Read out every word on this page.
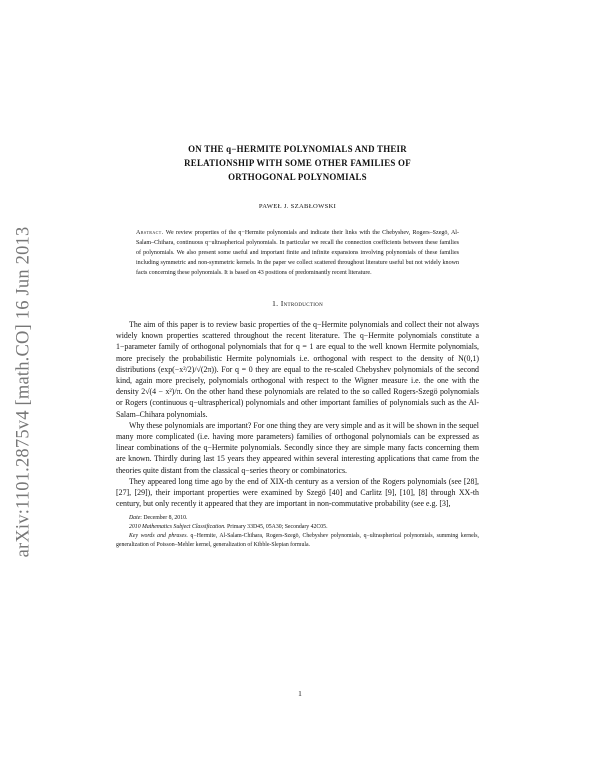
arXiv:1101.2875v4 [math.CO] 16 Jun 2013
ON THE q−HERMITE POLYNOMIALS AND THEIR
RELATIONSHIP WITH SOME OTHER FAMILIES OF
ORTHOGONAL POLYNOMIALS
PAWEŁ J. SZABŁOWSKI
Abstract. We review properties of the q−Hermite polynomials and indicate their links with the Chebyshev, Rogers–Szegö, Al-Salam–Chihara, continuous q−ultraspherical polynomials. In particular we recall the connection coefficients between these families of polynomials. We also present some useful and important finite and infinite expansions involving polynomials of these families including symmetric and non-symmetric kernels. In the paper we collect scattered throughout literature useful but not widely known facts concerning these polynomials. It is based on 43 positions of predominantly recent literature.
1. Introduction

The aim of this paper is to review basic properties of the q−Hermite polynomials and collect their not always widely known properties scattered throughout the recent literature. The q−Hermite polynomials constitute a 1−parameter family of orthogonal polynomials that for q = 1 are equal to the well known Hermite polynomials, more precisely the probabilistic Hermite polynomials i.e. orthogonal with respect to the density of N(0,1) distributions (exp(−x²/2)/√(2π)). For q = 0 they are equal to the re-scaled Chebyshev polynomials of the second kind, again more precisely, polynomials orthogonal with respect to the Wigner measure i.e. the one with the density 2√(4 − x²)/π. On the other hand these polynomials are related to the so called Rogers-Szegö polynomials or Rogers (continuous q−ultraspherical) polynomials and other important families of polynomials such as the Al-Salam–Chihara polynomials.

Why these polynomials are important? For one thing they are very simple and as it will be shown in the sequel many more complicated (i.e. having more parameters) families of orthogonal polynomials can be expressed as linear combinations of the q−Hermite polynomials. Secondly since they are simple many facts concerning them are known. Thirdly during last 15 years they appeared within several interesting applications that came from the theories quite distant from the classical q−series theory or combinatorics.

They appeared long time ago by the end of XIX-th century as a version of the Rogers polynomials (see [28], [27], [29]), their important properties were examined by Szegö [40] and Carlitz [9], [10], [8] through XX-th century, but only recently it appeared that they are important in non-commutative probability (see e.g. [3],

Date: December 8, 2010.

2010 Mathematics Subject Classification. Primary 33D45, 05A30; Secondary 42C05.

Key words and phrases. q−Hermite, Al-Salam-Chihara, Rogers-Szegö, Chebyshev polynomials, q−ultraspherical polynomials, summing kernels, generalization of Poisson–Mehler kernel, generalization of Kibble-Slepian formula.

1
